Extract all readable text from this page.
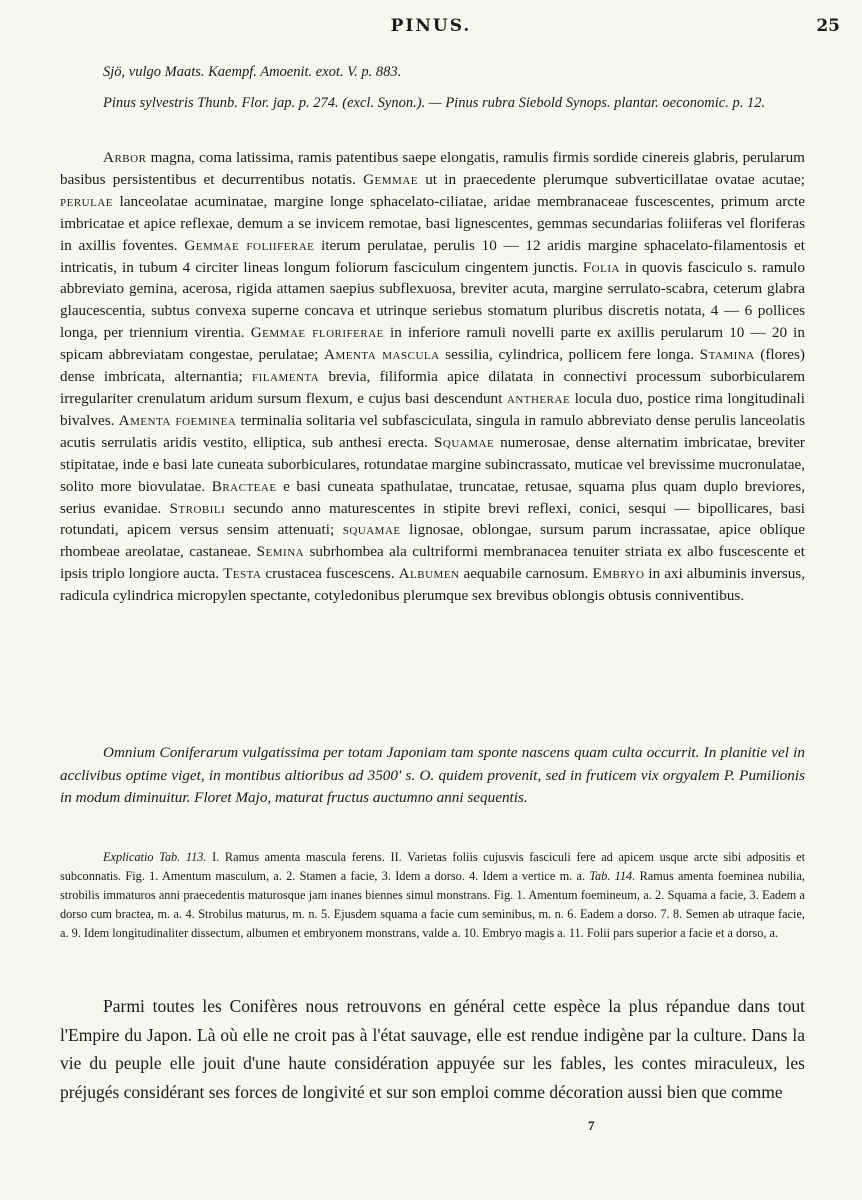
PINUS.	25
Sjö, vulgo Maats. Kaempf. Amoenit. exot. V. p. 883.
Pinus sylvestris Thunb. Flor. jap. p. 274. (excl. Synon.). — Pinus rubra Siebold Synops. plantar. oeconomic. p. 12.
Arbor magna, coma latissima, ramis patentibus saepe elongatis, ramulis firmis sordide cinereis glabris, perularum basibus persistentibus et decurrentibus notatis. Gemmae ut in praecedente plerumque subverticillatae ovatae acutae; perulae lanceolatae acuminatae, margine longe sphacelato-ciliatae, aridae membranaceae fuscescentes, primum arcte imbricatae et apice reflexae, demum a se invicem remotae, basi lignescentes, gemmas secundarias foliiferas vel floriferas in axillis foventes. Gemmae foliiferae iterum perulatae, perulis 10 — 12 aridis margine sphacelato-filamentosis et intricatis, in tubum 4 circiter lineas longum foliorum fasciculum cingentem junctis. Folia in quovis fasciculo s. ramulo abbreviato gemina, acerosa, rigida attamen saepius subflexuosa, breviter acuta, margine serrulato-scabra, ceterum glabra glaucescentia, subtus convexa superne concava et utrinque seriebus stomatum pluribus discretis notata, 4 — 6 pollices longa, per triennium virentia. Gemmae floriferae in inferiore ramuli novelli parte ex axillis perularum 10 — 20 in spicam abbreviatam congestae, perulatae; Amenta mascula sessilia, cylindrica, pollicem fere longa. Stamina (flores) dense imbricata, alternantia; filamenta brevia, filiformia apice dilatata in connectivi processum suborbicularem irregulariter crenulatum aridum sursum flexum, e cujus basi descendunt antherae locula duo, postice rima longitudinali bivalves. Amenta foeminea terminalia solitaria vel subfasciculata, singula in ramulo abbreviato dense perulis lanceolatis acutis serrulatis aridis vestito, elliptica, sub anthesi erecta. Squamae numerosae, dense alternatim imbricatae, breviter stipitatae, inde e basi late cuneata suborbiculares, rotundatae margine subincrassato, muticae vel brevissime mucronulatae, solito more biovulatae. Bracteae e basi cuneata spathulatae, truncatae, retusae, squama plus quam duplo breviores, serius evanidae. Strobili secundo anno maturescentes in stipite brevi reflexi, conici, sesqui — bipollicares, basi rotundati, apicem versus sensim attenuati; squamae lignosae, oblongae, sursum parum incrassatae, apice oblique rhombeae areolatae, castaneae. Semina subrhombea ala cultriformi membranacea tenuiter striata ex albo fuscescente et ipsis triplo longiore aucta. Testa crustacea fuscescens. Albumen aequabile carnosum. Embryo in axi albuminis inversus, radicula cylindrica micropylen spectante, cotyledonibus plerumque sex brevibus oblongis obtusis conniventibus.
Omnium Coniferarum vulgatissima per totam Japoniam tam sponte nascens quam culta occurrit. In planitie vel in acclivibus optime viget, in montibus altioribus ad 3500′ s. O. quidem provenit, sed in fruticem vix orgyalem P. Pumilionis in modum diminuitur. Floret Majo, maturat fructus auctumno anni sequentis.
Explicatio Tab. 113. I. Ramus amenta mascula ferens. II. Varietas foliis cujusvis fasciculi fere ad apicem usque arcte sibi adpositis et subconnatis. Fig. 1. Amentum masculum, a. 2. Stamen a facie, 3. Idem a dorso. 4. Idem a vertice m. a. Tab. 114. Ramus amenta foeminea nubilia, strobilis immaturos anni praecedentis maturosque jam inanes biennes simul monstrans. Fig. 1. Amentum foemineum, a. 2. Squama a facie, 3. Eadem a dorso cum bractea, m. a. 4. Strobilus maturus, m. n. 5. Ejusdem squama a facie cum seminibus, m. n. 6. Eadem a dorso. 7. 8. Semen ab utraque facie, a. 9. Idem longitudinaliter dissectum, albumen et embryonem monstrans, valde a. 10. Embryo magis a. 11. Folii pars superior a facie et a dorso, a.
Parmi toutes les Conifères nous retrouvons en général cette espèce la plus répandue dans tout l'Empire du Japon. Là où elle ne croit pas à l'état sauvage, elle est rendue indigène par la culture. Dans la vie du peuple elle jouit d'une haute considération appuyée sur les fables, les contes miraculeux, les préjugés considérant ses forces de longivité et sur son emploi comme décoration aussi bien que comme
7
